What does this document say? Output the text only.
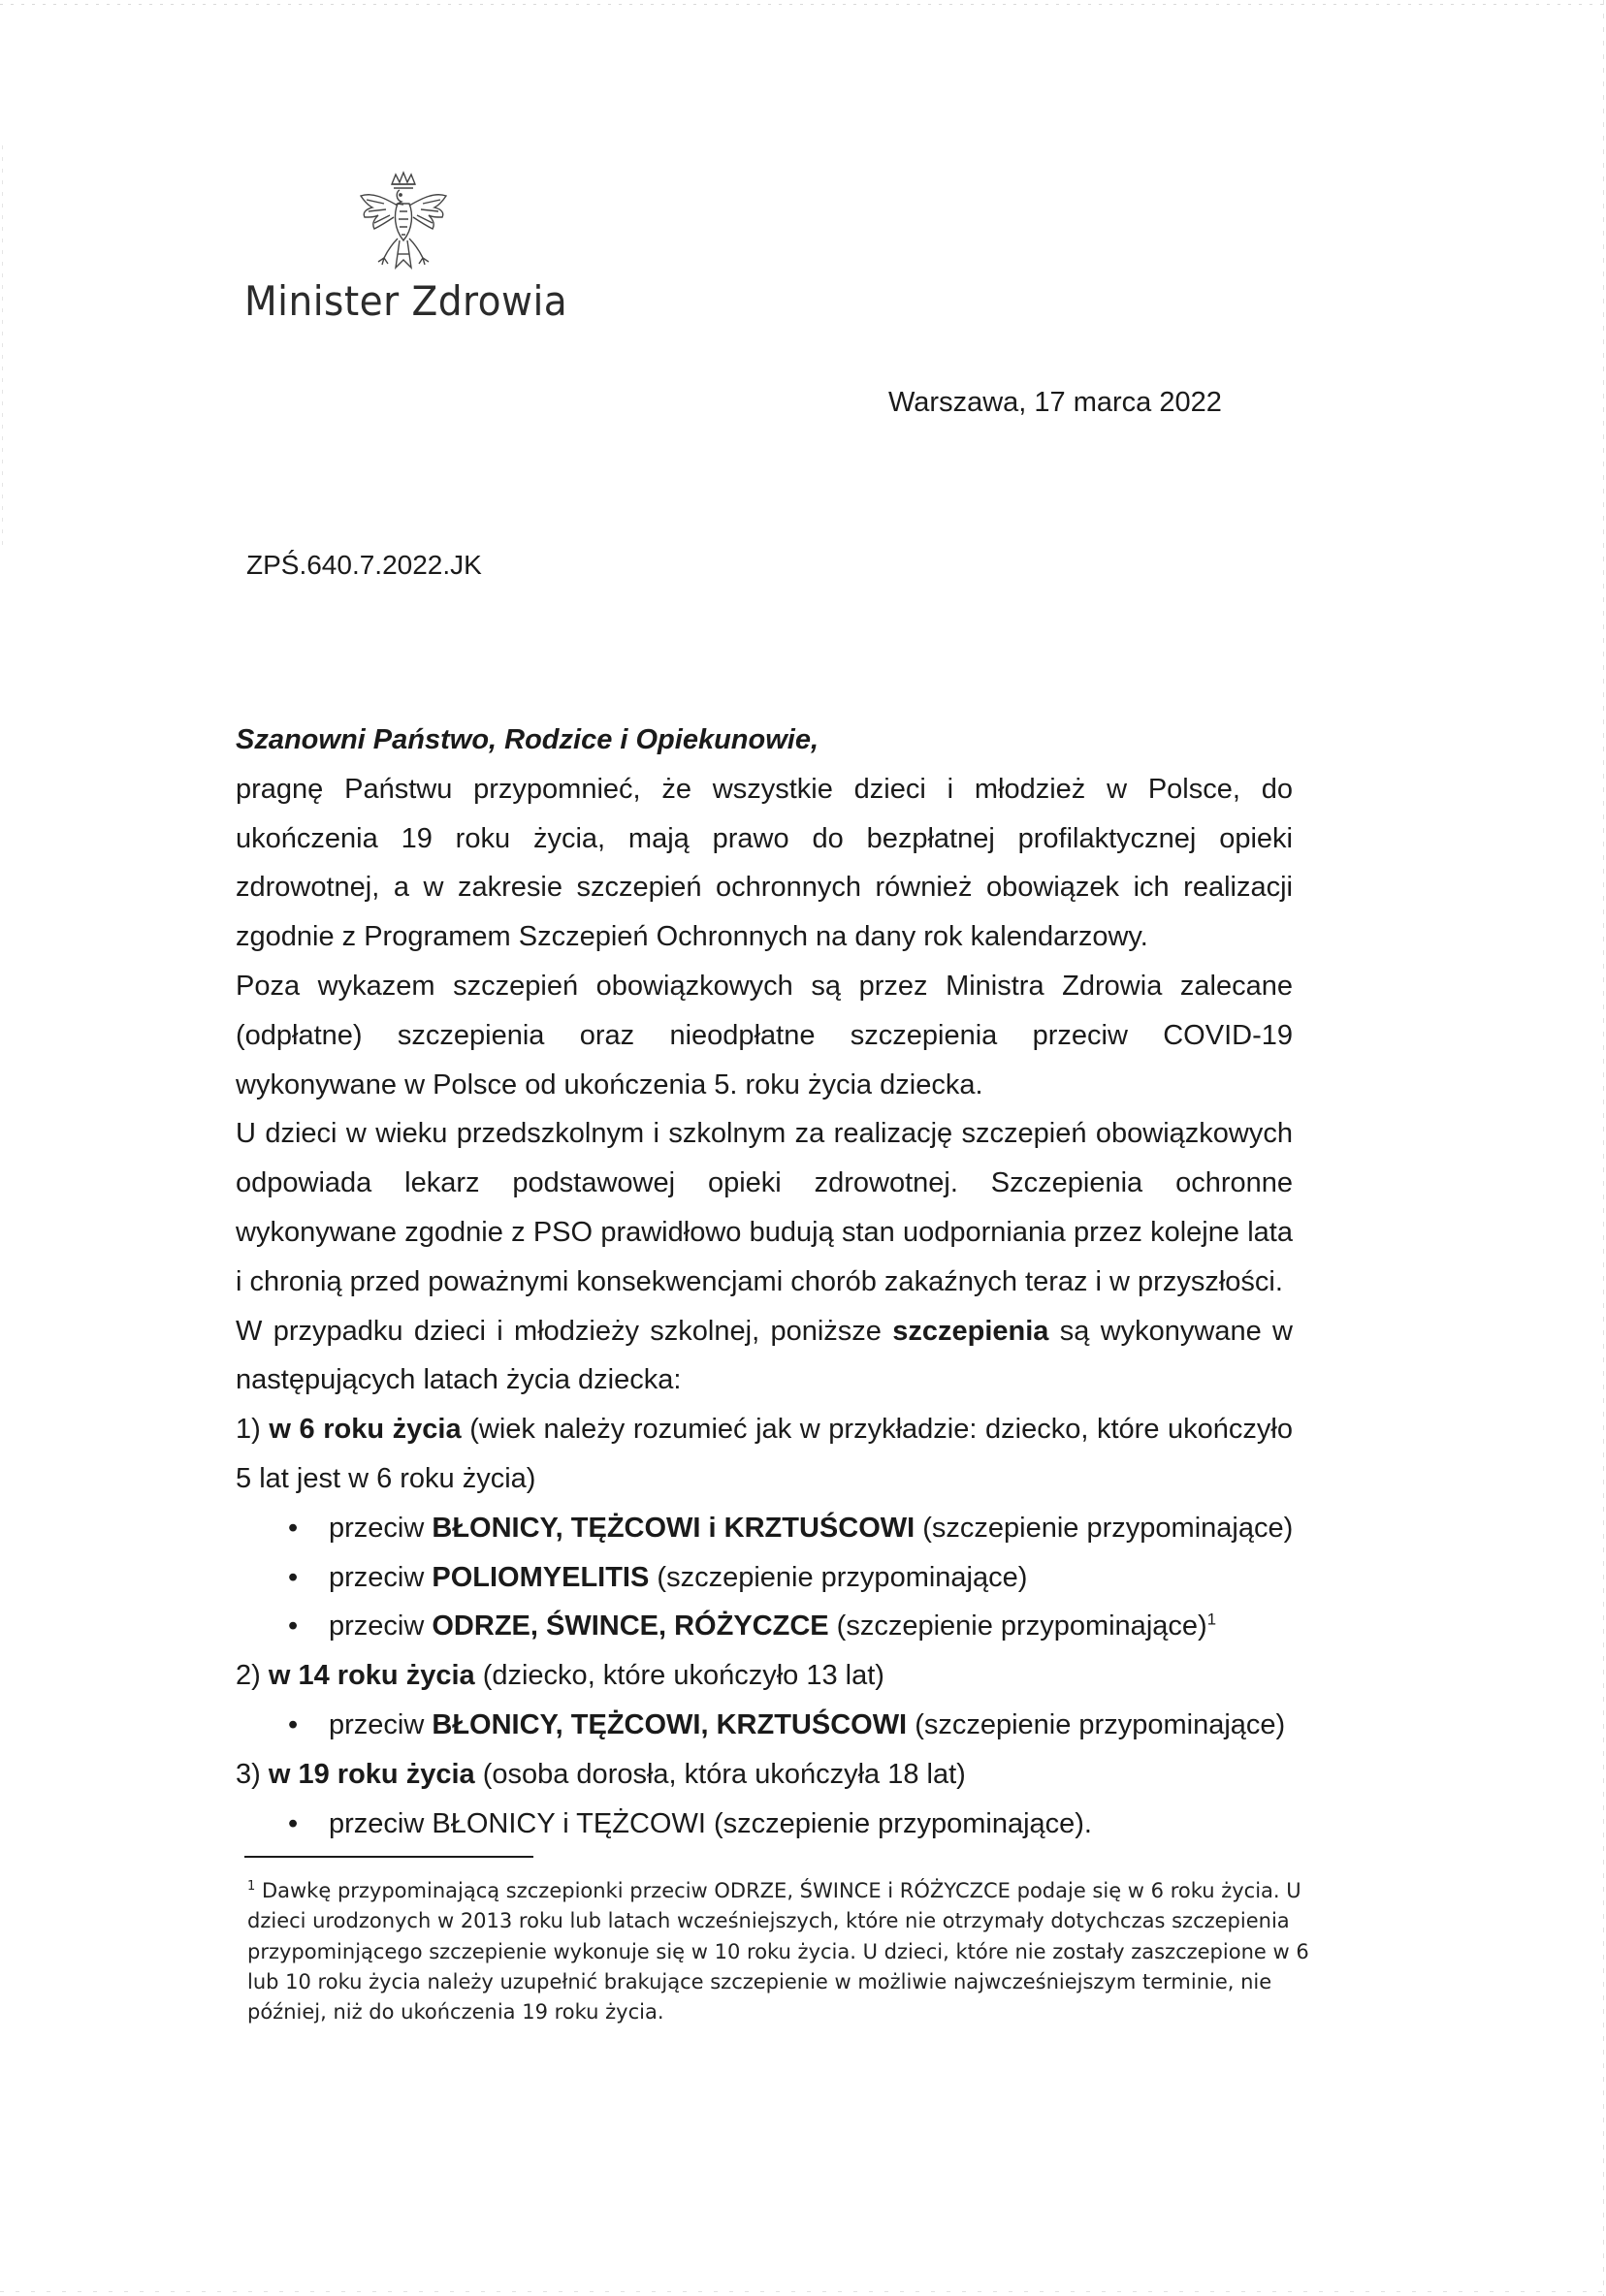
Minister Zdrowia
Warszawa, 17 marca 2022
ZPŚ.640.7.2022.JK

Szanowni Państwo, Rodzice i Opiekunowie,

pragnę Państwu przypomnieć, że wszystkie dzieci i młodzież w Polsce, do ukończenia 19 roku życia, mają prawo do bezpłatnej profilaktycznej opieki zdrowotnej, a w zakresie szczepień ochronnych również obowiązek ich realizacji zgodnie z Programem Szczepień Ochronnych na dany rok kalendarzowy.

Poza wykazem szczepień obowiązkowych są przez Ministra Zdrowia zalecane (odpłatne) szczepienia oraz nieodpłatne szczepienia przeciw COVID-19 wykonywane w Polsce od ukończenia 5. roku życia dziecka.

U dzieci w wieku przedszkolnym i szkolnym za realizację szczepień obowiązkowych odpowiada lekarz podstawowej opieki zdrowotnej. Szczepienia ochronne wykonywane zgodnie z PSO prawidłowo budują stan uodporniania przez kolejne lata i chronią przed poważnymi konsekwencjami chorób zakaźnych teraz i w przyszłości.

W przypadku dzieci i młodzieży szkolnej, poniższe szczepienia są wykonywane w następujących latach życia dziecka:

1) w 6 roku życia (wiek należy rozumieć jak w przykładzie: dziecko, które ukończyło 5 lat jest w 6 roku życia)

• przeciw BŁONICY, TĘŻCOWI i KRZTUŚCOWI (szczepienie przypominające)

• przeciw POLIOMYELITIS (szczepienie przypominające)

• przeciw ODRZE, ŚWINCE, RÓŻYCZCE (szczepienie przypominające)$^1$

2) w 14 roku życia (dziecko, które ukończyło 13 lat)

• przeciw BŁONICY, TĘŻCOWI, KRZTUŚCOWI (szczepienie przypominające)

3) w 19 roku życia (osoba dorosła, która ukończyła 18 lat)

• przeciw BŁONICY i TĘŻCOWI (szczepienie przypominające).

$^1$ Dawkę przypominającą szczepionki przeciw ODRZE, ŚWINCE i RÓŻYCZCE podaje się w 6 roku życia. U

dzieci urodzonych w 2013 roku lub latach wcześniejszych, które nie otrzymały dotychczas szczepienia

przypominjącego szczepienie wykonuje się w 10 roku życia. U dzieci, które nie zostały zaszczepione w 6

lub 10 roku życia należy uzupełnić brakujące szczepienie w możliwie najwcześniejszym terminie, nie

później, niż do ukończenia 19 roku życia.
